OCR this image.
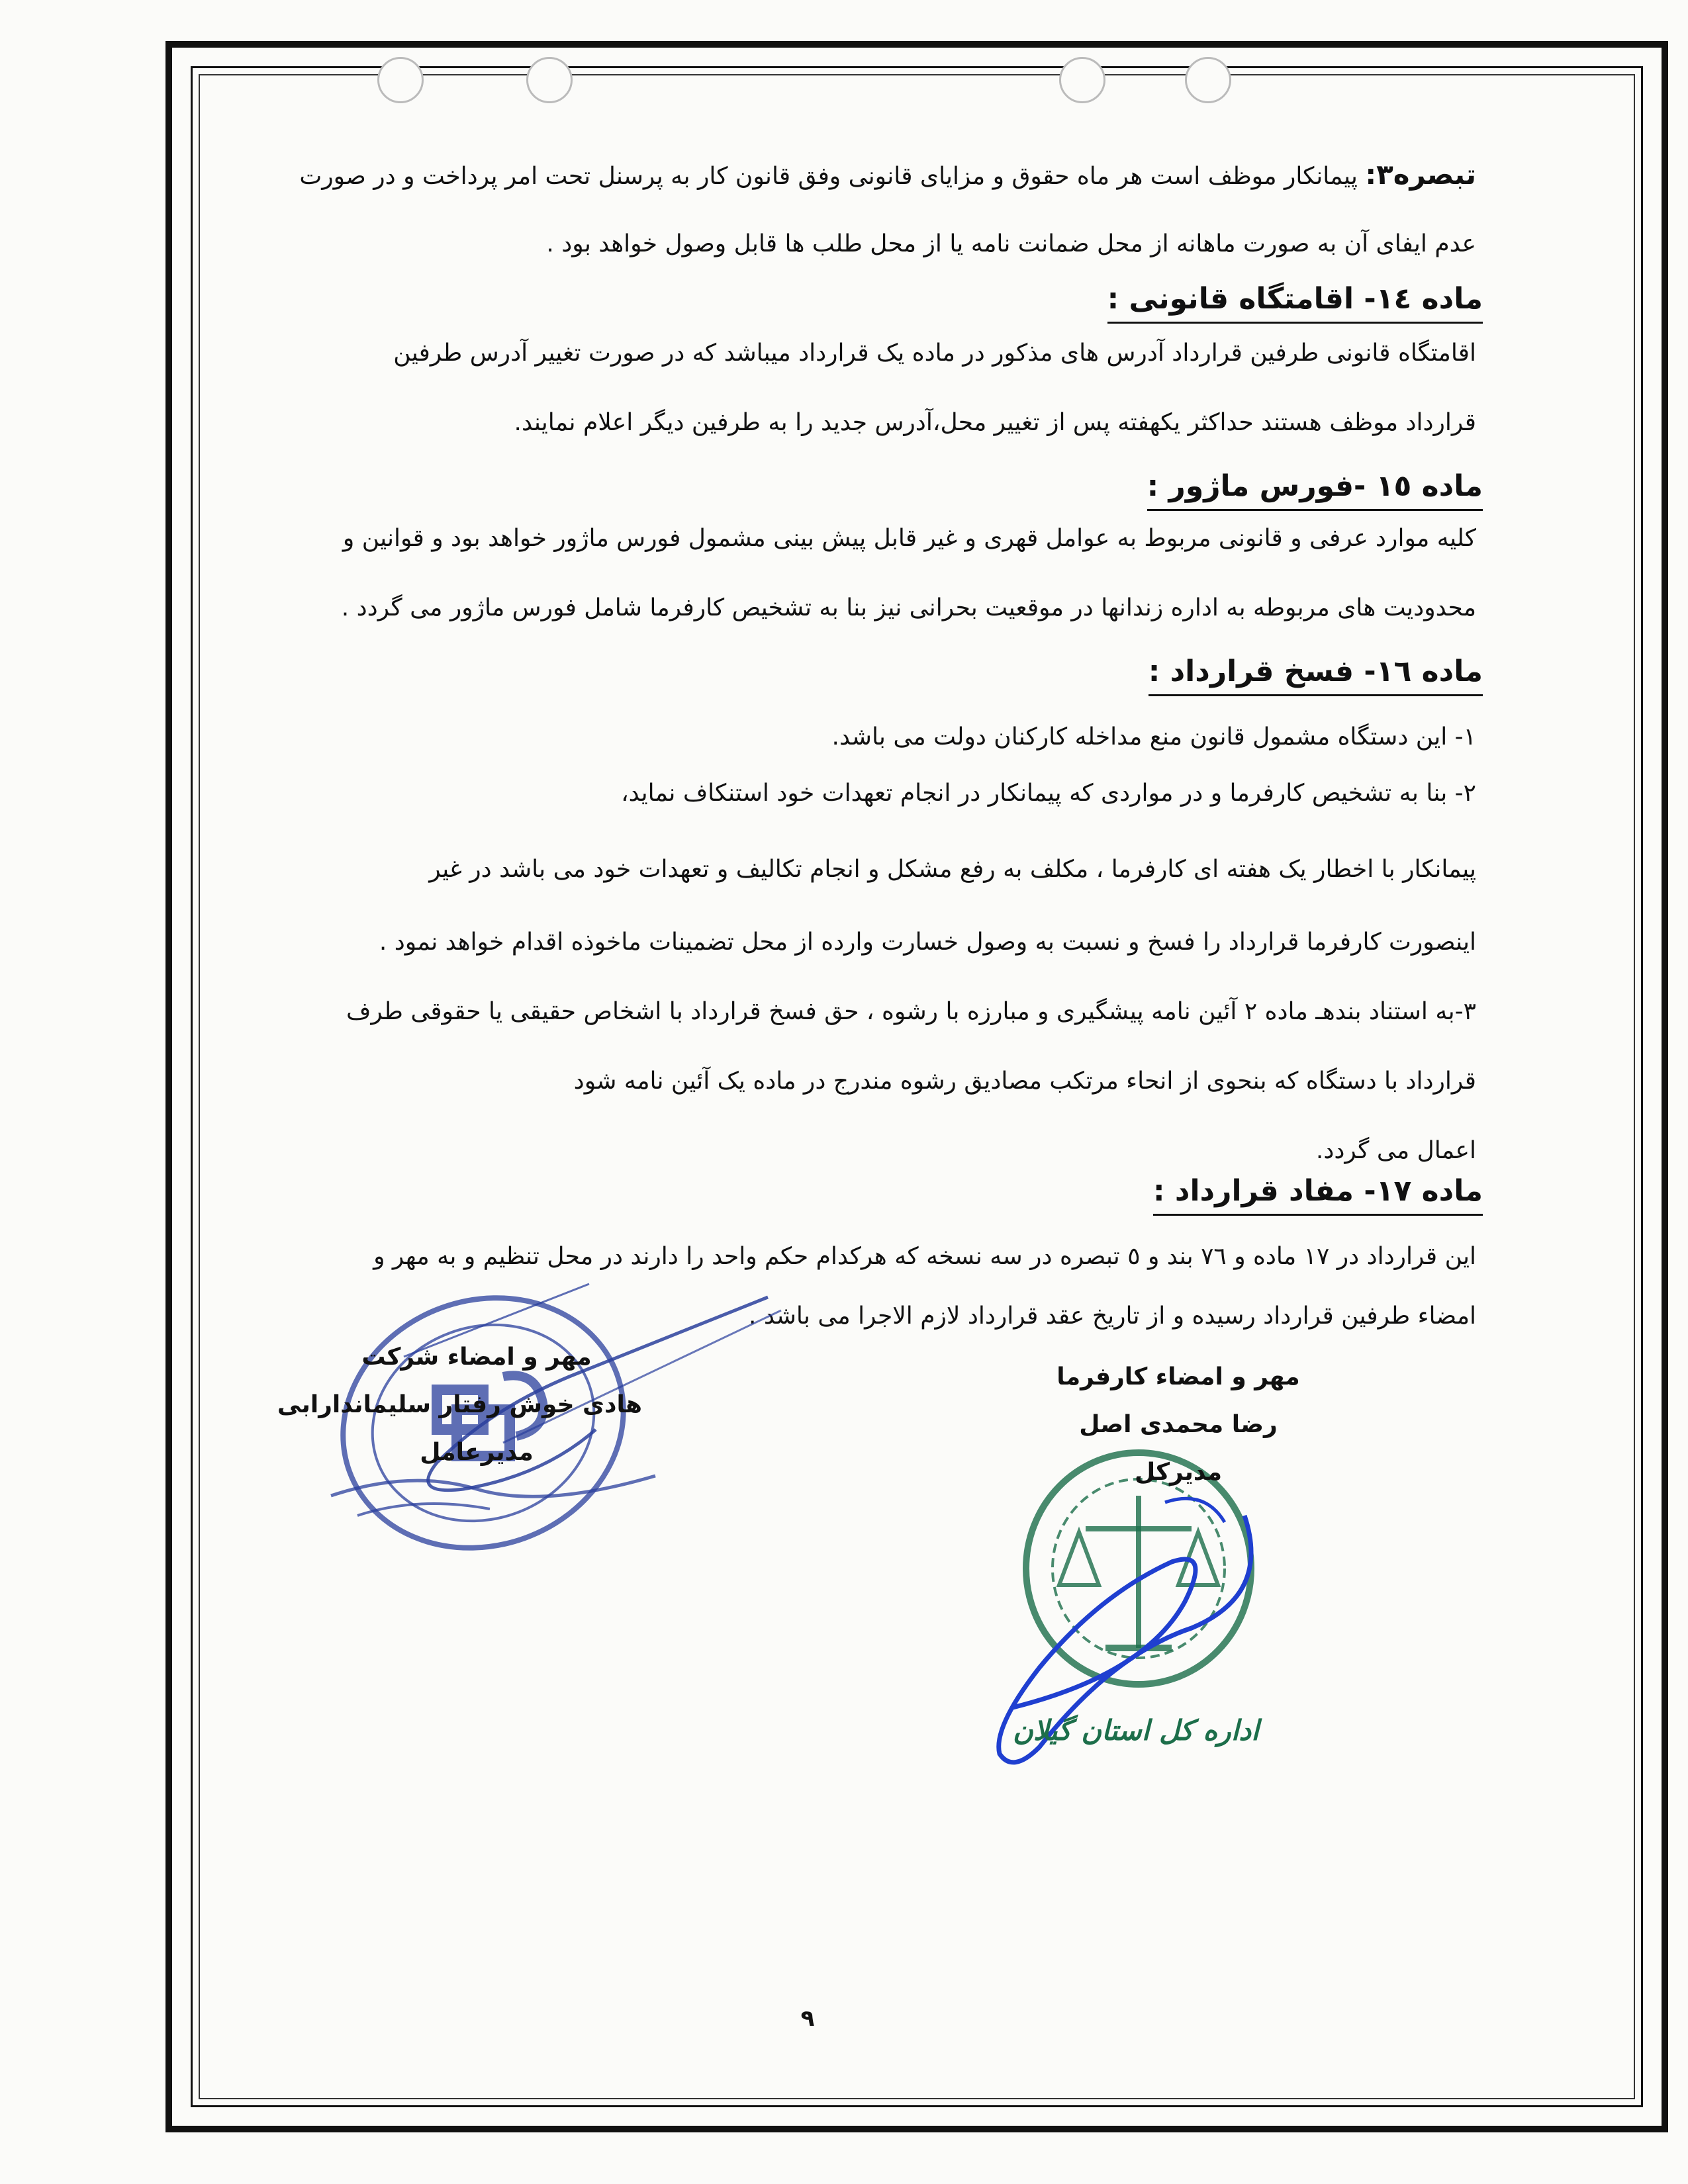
تبصره۳: پیمانکار موظف است هر ماه حقوق و مزایای قانونی وفق قانون کار به پرسنل تحت امر پرداخت و در صورت
عدم ایفای آن به صورت ماهانه از محل ضمانت نامه یا از محل طلب ها قابل وصول خواهد بود .
ماده ١٤- اقامتگاه قانونی :
اقامتگاه قانونی طرفین قرارداد آدرس های مذکور در ماده یک قرارداد میباشد که در صورت تغییر آدرس طرفین
قرارداد موظف هستند حداکثر یکهفته پس از تغییر محل،آدرس جدید را به طرفین دیگر اعلام نمایند.
ماده ١٥ -فورس ماژور :
کلیه موارد عرفی و قانونی مربوط به عوامل قهری و غیر قابل پیش بینی مشمول فورس ماژور خواهد بود و قوانین و
محدودیت های مربوطه به اداره زندانها در موقعیت بحرانی نیز بنا به تشخیص کارفرما شامل فورس ماژور می گردد .
ماده ١٦- فسخ قرارداد :
١- این دستگاه مشمول قانون منع مداخله کارکنان دولت می باشد.
٢- بنا به تشخیص کارفرما و در مواردی که پیمانکار در انجام تعهدات خود استنکاف نماید،
پیمانکار با اخطار یک هفته ای کارفرما ، مکلف به رفع مشکل و انجام تکالیف و تعهدات خود می باشد در غیر
اینصورت کارفرما قرارداد را فسخ و نسبت به وصول خسارت وارده از محل تضمینات ماخوذه اقدام خواهد نمود .
٣-به استناد بندهـ ماده ٢ آئین نامه پیشگیری و مبارزه با رشوه ، حق فسخ قرارداد با اشخاص حقیقی یا حقوقی طرف
قرارداد با دستگاه که بنحوی از انحاء مرتکب مصادیق رشوه مندرج در ماده یک آئین نامه شود
اعمال می گردد.
ماده ١٧- مفاد قرارداد :
این قرارداد در ١٧ ماده و ٧٦ بند و ٥ تبصره در سه نسخه که هرکدام حکم واحد را دارند در محل تنظیم و به مهر و
امضاء طرفین قرارداد رسیده و از تاریخ عقد قرارداد لازم الاجرا می باشد .
مهر و امضاء شرکت
هادی خوش رفتار سلیماندارابی
مدیرعامل
مهر و امضاء کارفرما
رضا محمدی اصل
مدیرکل
اداره کل استان گیلان
٩
